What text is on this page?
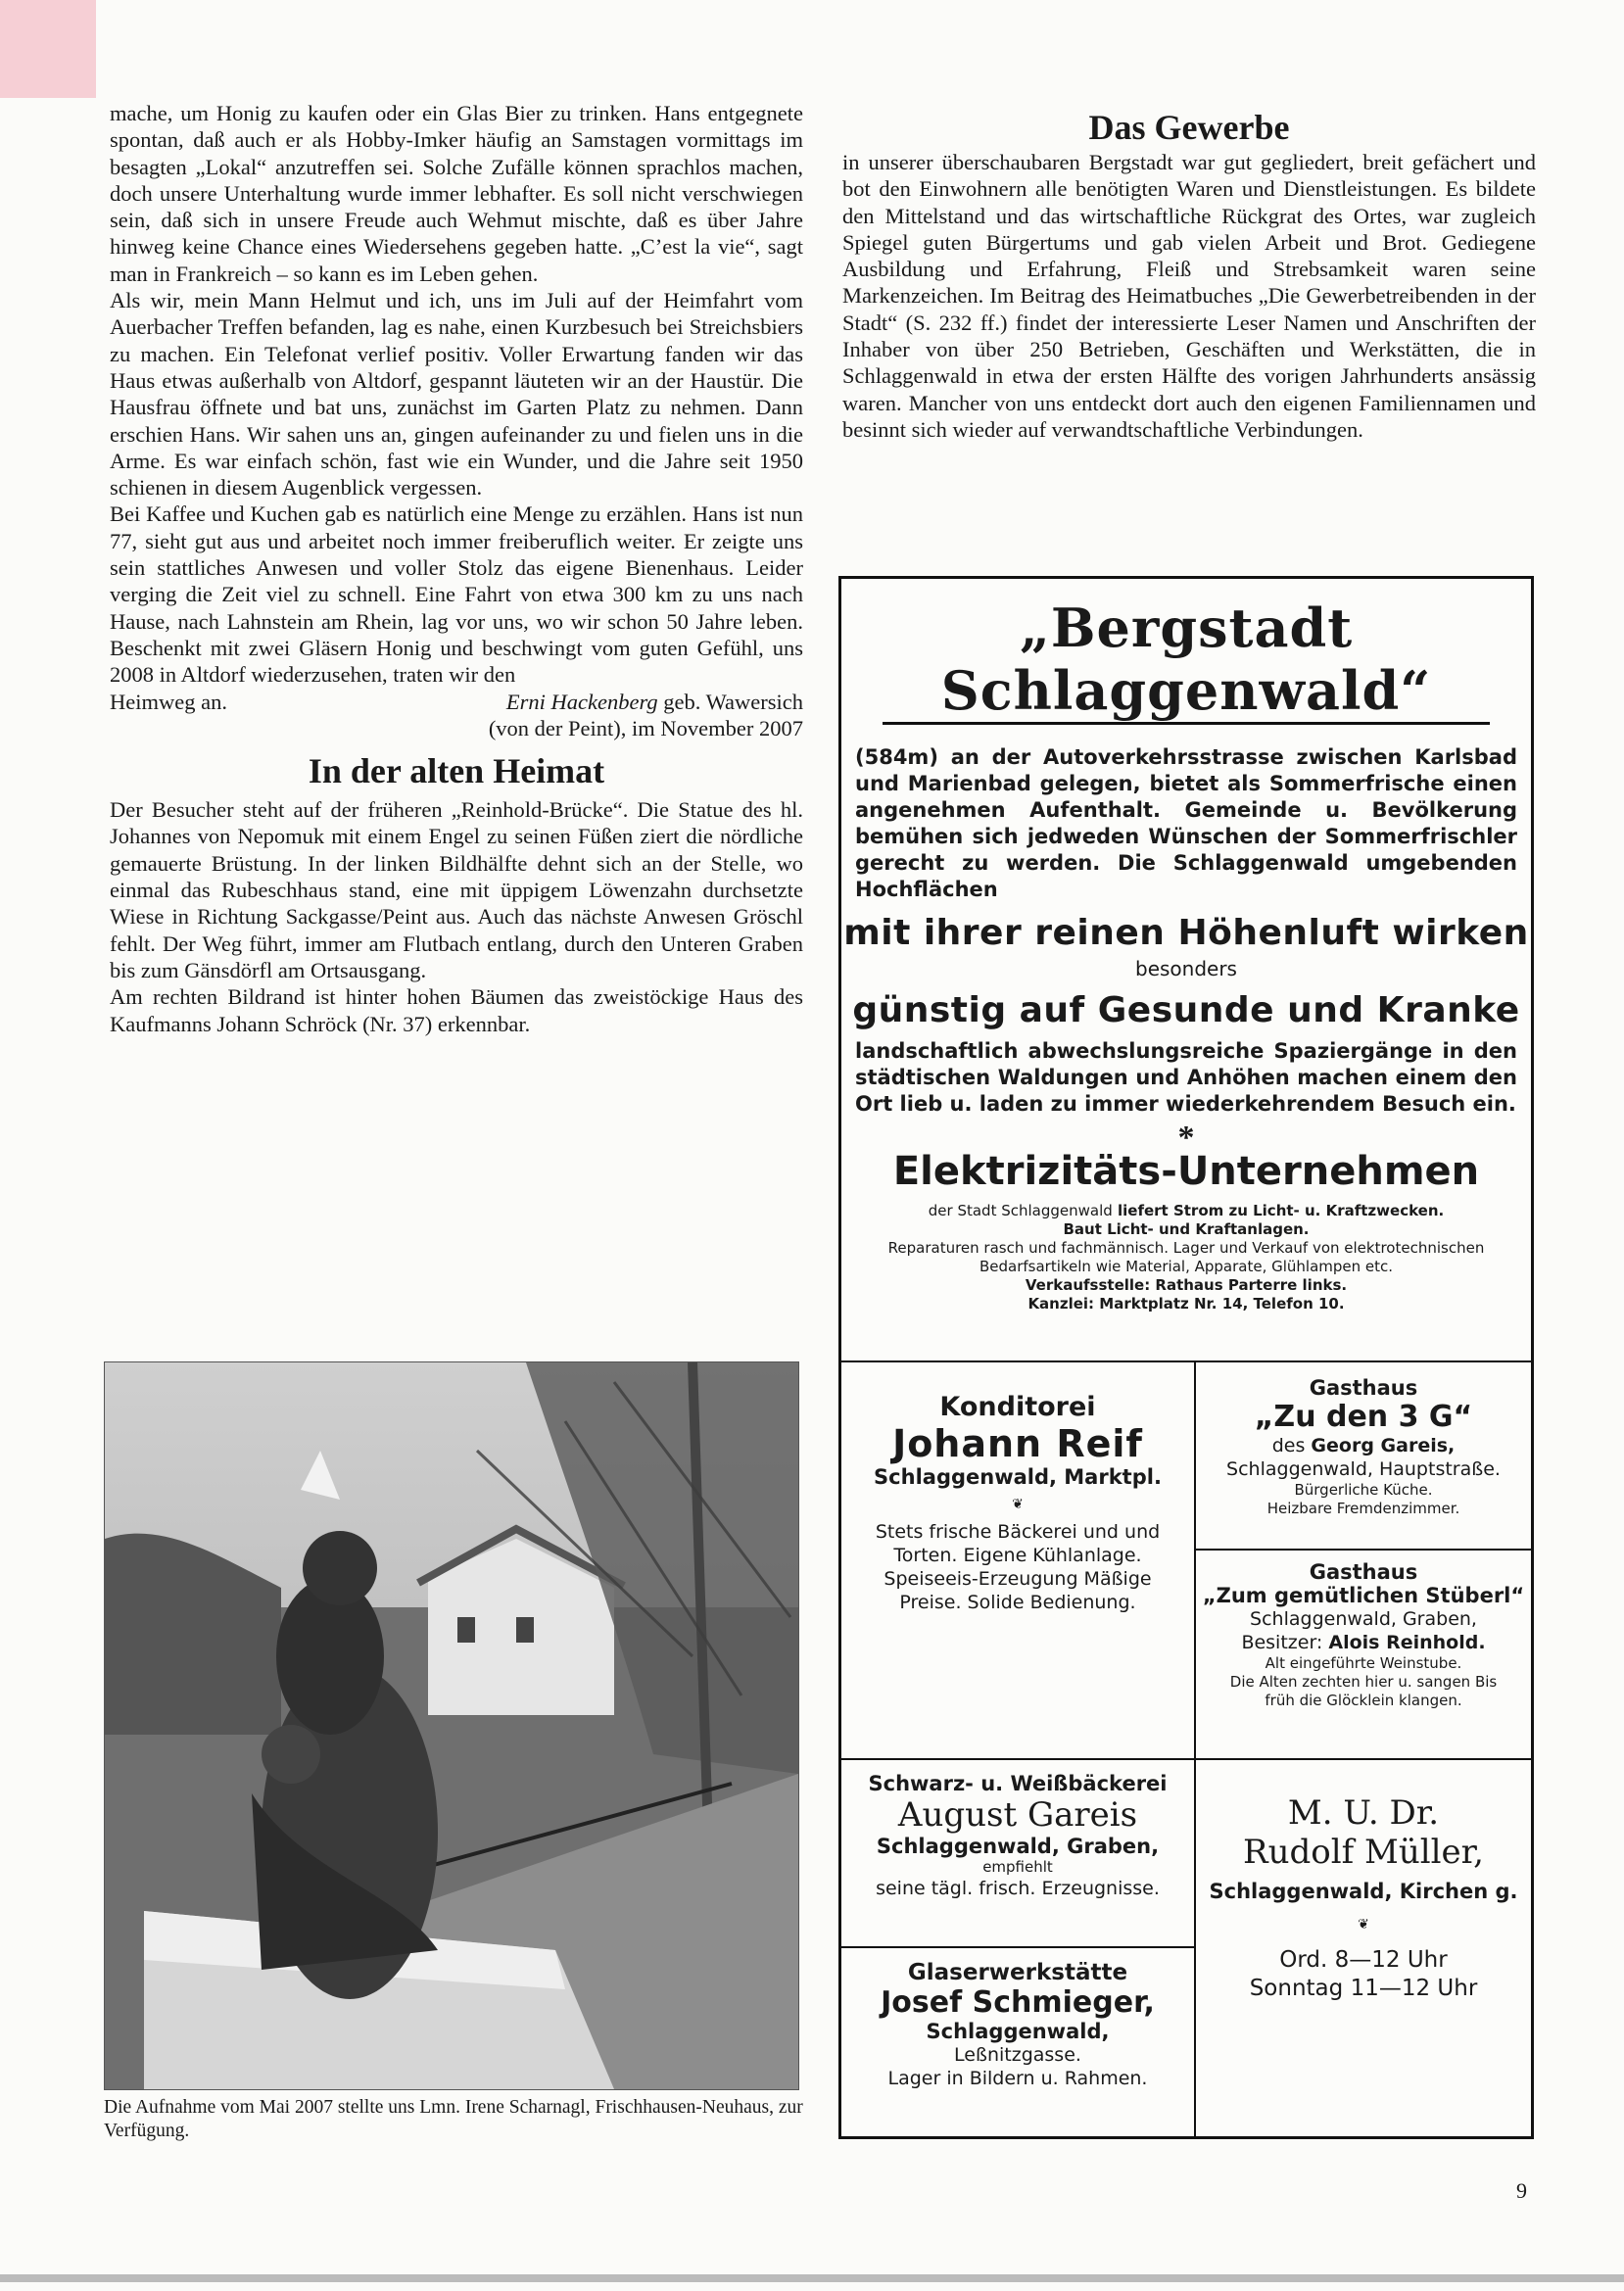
mache, um Honig zu kaufen oder ein Glas Bier zu trinken. Hans entgegnete spontan, daß auch er als Hobby-Imker häufig an Samstagen vormittags im besagten „Lokal“ anzutreffen sei. Solche Zufälle können sprachlos machen, doch unsere Unterhaltung wurde immer lebhafter. Es soll nicht verschwiegen sein, daß sich in unsere Freude auch Wehmut mischte, daß es über Jahre hinweg keine Chance eines Wiedersehens gegeben hatte. „C’est la vie“, sagt man in Frankreich – so kann es im Leben gehen.

Als wir, mein Mann Helmut und ich, uns im Juli auf der Heimfahrt vom Auerbacher Treffen befanden, lag es nahe, einen Kurzbesuch bei Streichsbiers zu machen. Ein Telefonat verlief positiv. Voller Erwartung fanden wir das Haus etwas außerhalb von Altdorf, gespannt läuteten wir an der Haustür. Die Hausfrau öffnete und bat uns, zunächst im Garten Platz zu nehmen. Dann erschien Hans. Wir sahen uns an, gingen aufeinander zu und fielen uns in die Arme. Es war einfach schön, fast wie ein Wunder, und die Jahre seit 1950 schienen in diesem Augenblick vergessen.

Bei Kaffee und Kuchen gab es natürlich eine Menge zu erzählen. Hans ist nun 77, sieht gut aus und arbeitet noch immer freiberuflich weiter. Er zeigte uns sein stattliches Anwesen und voller Stolz das eigene Bienenhaus. Leider verging die Zeit viel zu schnell. Eine Fahrt von etwa 300 km zu uns nach Hause, nach Lahnstein am Rhein, lag vor uns, wo wir schon 50 Jahre leben. Beschenkt mit zwei Gläsern Honig und beschwingt vom guten Gefühl, uns 2008 in Altdorf wiederzusehen, traten wir den

Heimweg an.	Erni Hackenberg geb. Wawersich
(von der Peint), im November 2007
In der alten Heimat

Der Besucher steht auf der früheren „Reinhold-Brücke“. Die Statue des hl. Johannes von Nepomuk mit einem Engel zu seinen Füßen ziert die nördliche gemauerte Brüstung. In der linken Bildhälfte dehnt sich an der Stelle, wo einmal das Rubeschhaus stand, eine mit üppigem Löwenzahn durchsetzte Wiese in Richtung Sackgasse/Peint aus. Auch das nächste Anwesen Gröschl fehlt. Der Weg führt, immer am Flutbach entlang, durch den Unteren Graben bis zum Gänsdörfl am Ortsausgang.

Am rechten Bildrand ist hinter hohen Bäumen das zweistöckige Haus des Kaufmanns Johann Schröck (Nr. 37) erkennbar.

Die Aufnahme vom Mai 2007 stellte uns Lmn. Irene Scharnagl, Frischhausen-Neuhaus, zur Verfügung.
Das Gewerbe

in unserer überschaubaren Bergstadt war gut gegliedert, breit gefächert und bot den Einwohnern alle benötigten Waren und Dienstleistungen. Es bildete den Mittelstand und das wirtschaftliche Rückgrat des Ortes, war zugleich Spiegel guten Bürgertums und gab vielen Arbeit und Brot. Gediegene Ausbildung und Erfahrung, Fleiß und Strebsamkeit waren seine Markenzeichen. Im Beitrag des Heimatbuches „Die Gewerbetreibenden in der Stadt“ (S. 232 ff.) findet der interessierte Leser Namen und Anschriften der Inhaber von über 250 Betrieben, Geschäften und Werkstätten, die in Schlaggenwald in etwa der ersten Hälfte des vorigen Jahrhunderts ansässig waren. Mancher von uns entdeckt dort auch den eigenen Familiennamen und besinnt sich wieder auf verwandtschaftliche Verbindungen.

„Bergstadt Schlaggenwald“
(584m) an der Autoverkehrsstrasse zwischen Karlsbad und Marienbad gelegen, bietet als Sommerfrische einen angenehmen Aufenthalt. Gemeinde u. Bevölkerung bemühen sich jedweden Wünschen der Sommerfrischler gerecht zu werden. Die Schlaggenwald umgebenden Hochflächen
mit ihrer reinen Höhenluft wirken
besonders
günstig auf Gesunde und Kranke
landschaftlich abwechslungsreiche Spaziergänge in den städtischen Waldungen und Anhöhen machen einem den Ort lieb u. laden zu immer wiederkehrendem Besuch ein.
*
Elektrizitäts-Unternehmen
der Stadt Schlaggenwald liefert Strom zu Licht- u. Kraftzwecken.
Baut Licht- und Kraftanlagen.
Reparaturen rasch und fachmännisch. Lager und Verkauf von elektrotechnischen Bedarfsartikeln wie Material, Apparate, Glühlampen etc.
Verkaufsstelle: Rathaus Parterre links.
Kanzlei: Marktplatz Nr. 14, Telefon 10.
Konditorei
Johann Reif
Schlaggenwald, Marktpl.
❦
Stets frische Bäckerei und und Torten. Eigene Kühlanlage. Speiseeis-Erzeugung Mäßige Preise. Solide Bedienung.
Gasthaus
„Zu den 3 G“
des Georg Gareis,
Schlaggenwald, Hauptstraße.
Bürgerliche Küche.
Heizbare Fremdenzimmer.
Gasthaus
„Zum gemütlichen Stüberl“
Schlaggenwald, Graben,
Besitzer: Alois Reinhold.
Alt eingeführte Weinstube.
Die Alten zechten hier u. sangen Bis früh die Glöcklein klangen.
Schwarz- u. Weißbäckerei
August Gareis
Schlaggenwald, Graben,
empfiehlt
seine tägl. frisch. Erzeugnisse.
M. U. Dr.
Rudolf Müller,
Schlaggenwald, Kirchen g.
❦
Ord. 8—12 Uhr
Sonntag 11—12 Uhr
Glaserwerkstätte
Josef Schmieger,
Schlaggenwald,
Leßnitzgasse.
Lager in Bildern u. Rahmen.
9
